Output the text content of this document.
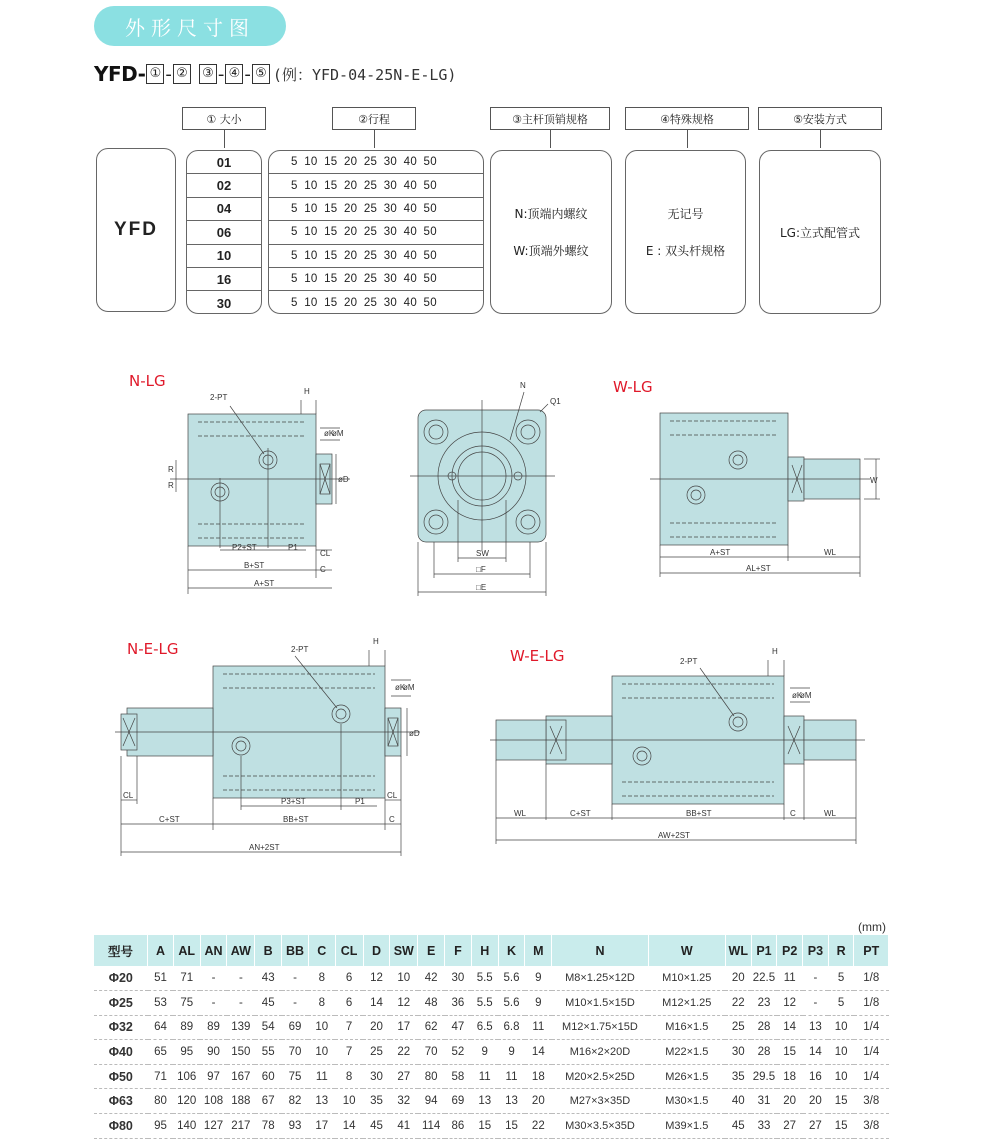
外形尺寸图
YFD- ① - ② ③ - ④ - ⑤ (例：YFD-04-25N-E-LG)
① 大小	②行程	③主杆顶销规格	④特殊规格	⑤安装方式
YFD
01
02
04
06
10
16
30
5 10 15 20 25 30 40 50
5 10 15 20 25 30 40 50
5 10 15 20 25 30 40 50
5 10 15 20 25 30 40 50
5 10 15 20 25 30 40 50
5 10 15 20 25 30 40 50
5 10 15 20 25 30 40 50
N:顶端内螺纹
W:顶端外螺纹
无记号
E : 双头杆规格
LG:立式配管式
N-LG	W-LG
N-E-LG	W-E-LG
2-PT
H
øK
øM
øD
R
R
P2+ST	P1
CL
B+ST	C
A+ST
N
Q1
SW
□F
□E
W
A+ST	WL
AL+ST
2-PT
H
øK
øM
øD
CL
C+ST
P3+ST	P1
CL
BB+ST	C
AN+2ST
2-PT
H
øK
øM
WL	C+ST	BB+ST	C	WL
AW+2ST
(mm)
型号	A	AL	AN	AW	B	BB	C	CL	D	SW	E	F	H	K	M	N	W	WL	P1	P2	P3	R	PT
Φ20	51	71	-	-	43	-	8	6	12	10	42	30	5.5	5.6	9	M8×1.25×12D	M10×1.25	20	22.5	11	-	5	1/8
Φ25	53	75	-	-	45	-	8	6	14	12	48	36	5.5	5.6	9	M10×1.5×15D	M12×1.25	22	23	12	-	5	1/8
Φ32	64	89	89	139	54	69	10	7	20	17	62	47	6.5	6.8	11	M12×1.75×15D	M16×1.5	25	28	14	13	10	1/4
Φ40	65	95	90	150	55	70	10	7	25	22	70	52	9	9	14	M16×2×20D	M22×1.5	30	28	15	14	10	1/4
Φ50	71	106	97	167	60	75	11	8	30	27	80	58	11	11	18	M20×2.5×25D	M26×1.5	35	29.5	18	16	10	1/4
Φ63	80	120	108	188	67	82	13	10	35	32	94	69	13	13	20	M27×3×35D	M30×1.5	40	31	20	20	15	3/8
Φ80	95	140	127	217	78	93	17	14	45	41	114	86	15	15	22	M30×3.5×35D	M39×1.5	45	33	27	27	15	3/8
